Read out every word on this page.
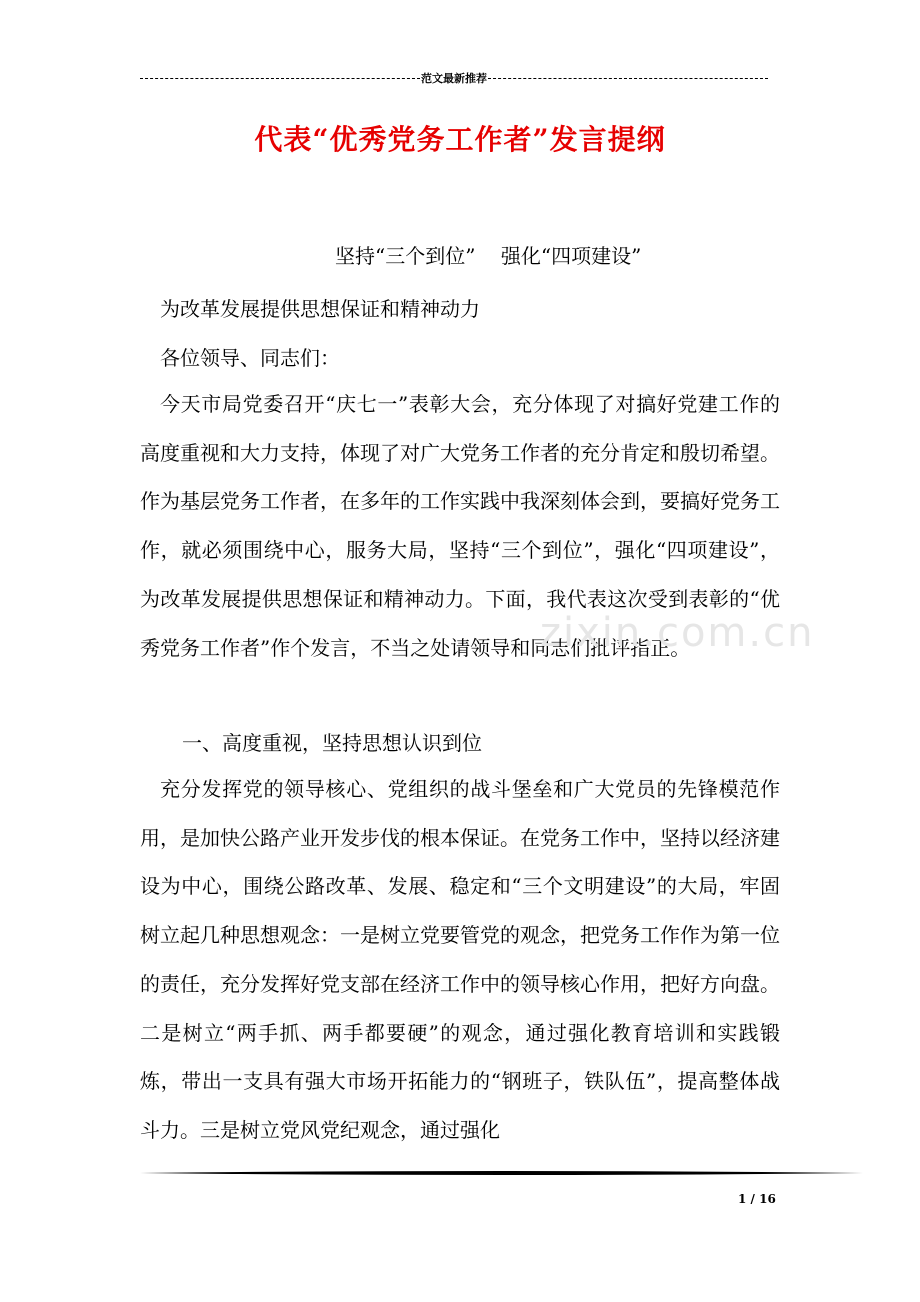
范文最新推荐
代表“优秀党务工作者”发言提纲
坚持“三个到位”    强化“四项建设”
为改革发展提供思想保证和精神动力
各位领导、同志们：
今天市局党委召开“庆七一”表彰大会，充分体现了对搞好党建工作的高度重视和大力支持，体现了对广大党务工作者的充分肯定和殷切希望。作为基层党务工作者，在多年的工作实践中我深刻体会到，要搞好党务工作，就必须围绕中心，服务大局，坚持“三个到位”，强化“四项建设”，为改革发展提供思想保证和精神动力。下面，我代表这次受到表彰的“优秀党务工作者”作个发言，不当之处请领导和同志们批评指正。
一、高度重视，坚持思想认识到位
充分发挥党的领导核心、党组织的战斗堡垒和广大党员的先锋模范作用，是加快公路产业开发步伐的根本保证。在党务工作中，坚持以经济建设为中心，围绕公路改革、发展、稳定和“三个文明建设”的大局，牢固树立起几种思想观念：一是树立党要管党的观念，把党务工作作为第一位的责任，充分发挥好党支部在经济工作中的领导核心作用，把好方向盘。二是树立“两手抓、两手都要硬”的观念，通过强化教育培训和实践锻炼，带出一支具有强大市场开拓能力的“钢班子，铁队伍”，提高整体战斗力。三是树立党风党纪观念，通过强化
zixin.com.cn
1 / 16
